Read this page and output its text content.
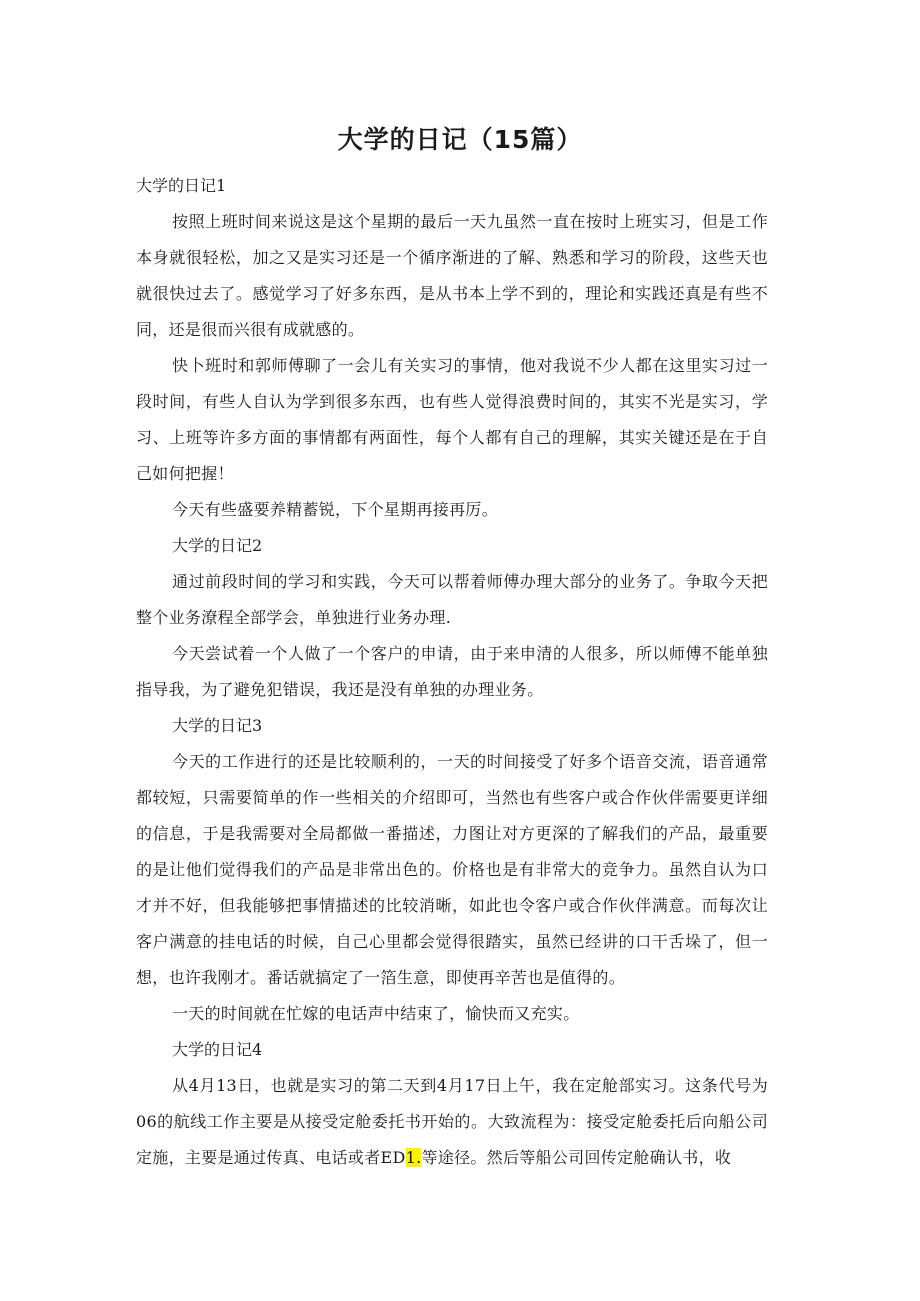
大学的日记（15篇）

大学的日记1

按照上班时间来说这是这个星期的最后一天九虽然一直在按时上班实习，但是工作本身就很轻松，加之又是实习还是一个循序渐进的了解、熟悉和学习的阶段，这些天也就很快过去了。感觉学习了好多东西，是从书本上学不到的，理论和实践还真是有些不同，还是很而兴很有成就感的。

快卜班时和郭师傅聊了一会儿有关实习的事情，他对我说不少人都在这里实习过一段时间，有些人自认为学到很多东西，也有些人觉得浪费时间的，其实不光是实习，学习、上班等许多方面的事情都有两面性，每个人都有自己的理解，其实关键还是在于自己如何把握！

今天有些盛要养精蓄锐，下个星期再接再厉。

大学的日记2

通过前段时间的学习和实践，今天可以帮着师傅办理大部分的业务了。争取今天把整个业务潦程全部学会，单独进行业务办理.

今天尝试着一个人做了一个客户的申请，由于来申清的人很多，所以师傅不能单独指导我，为了避免犯错误，我还是没有单独的办理业务。

大学的日记3

今天的工作进行的还是比较顺利的，一天的时间接受了好多个语音交流，语音通常都较短，只需要简单的作一些相关的介绍即可，当然也有些客户或合作伙伴需要更详细的信息，于是我需要对全局都做一番描述，力图让对方更深的了解我们的产品，最重要的是让他们觉得我们的产品是非常出色的。价格也是有非常大的竞争力。虽然自认为口才并不好，但我能够把事情描述的比较消晰，如此也令客户或合作伙伴满意。而每次让客户满意的挂电话的时候，自己心里都会觉得很踏实，虽然已经讲的口干舌垛了，但一想，也许我刚才。番话就搞定了一箔生意，即使再辛苦也是值得的。

一天的时间就在忙嫁的电话声中结束了，愉快而又充实。

大学的日记4

从4月13日，也就是实习的第二天到4月17日上午，我在定舱部实习。这条代号为06的航线工作主要是从接受定舱委托书开始的。大致流程为：接受定舱委托后向船公司定施，主要是通过传真、电话或者ED1.等途径。然后等船公司回传定舱确认书，收
